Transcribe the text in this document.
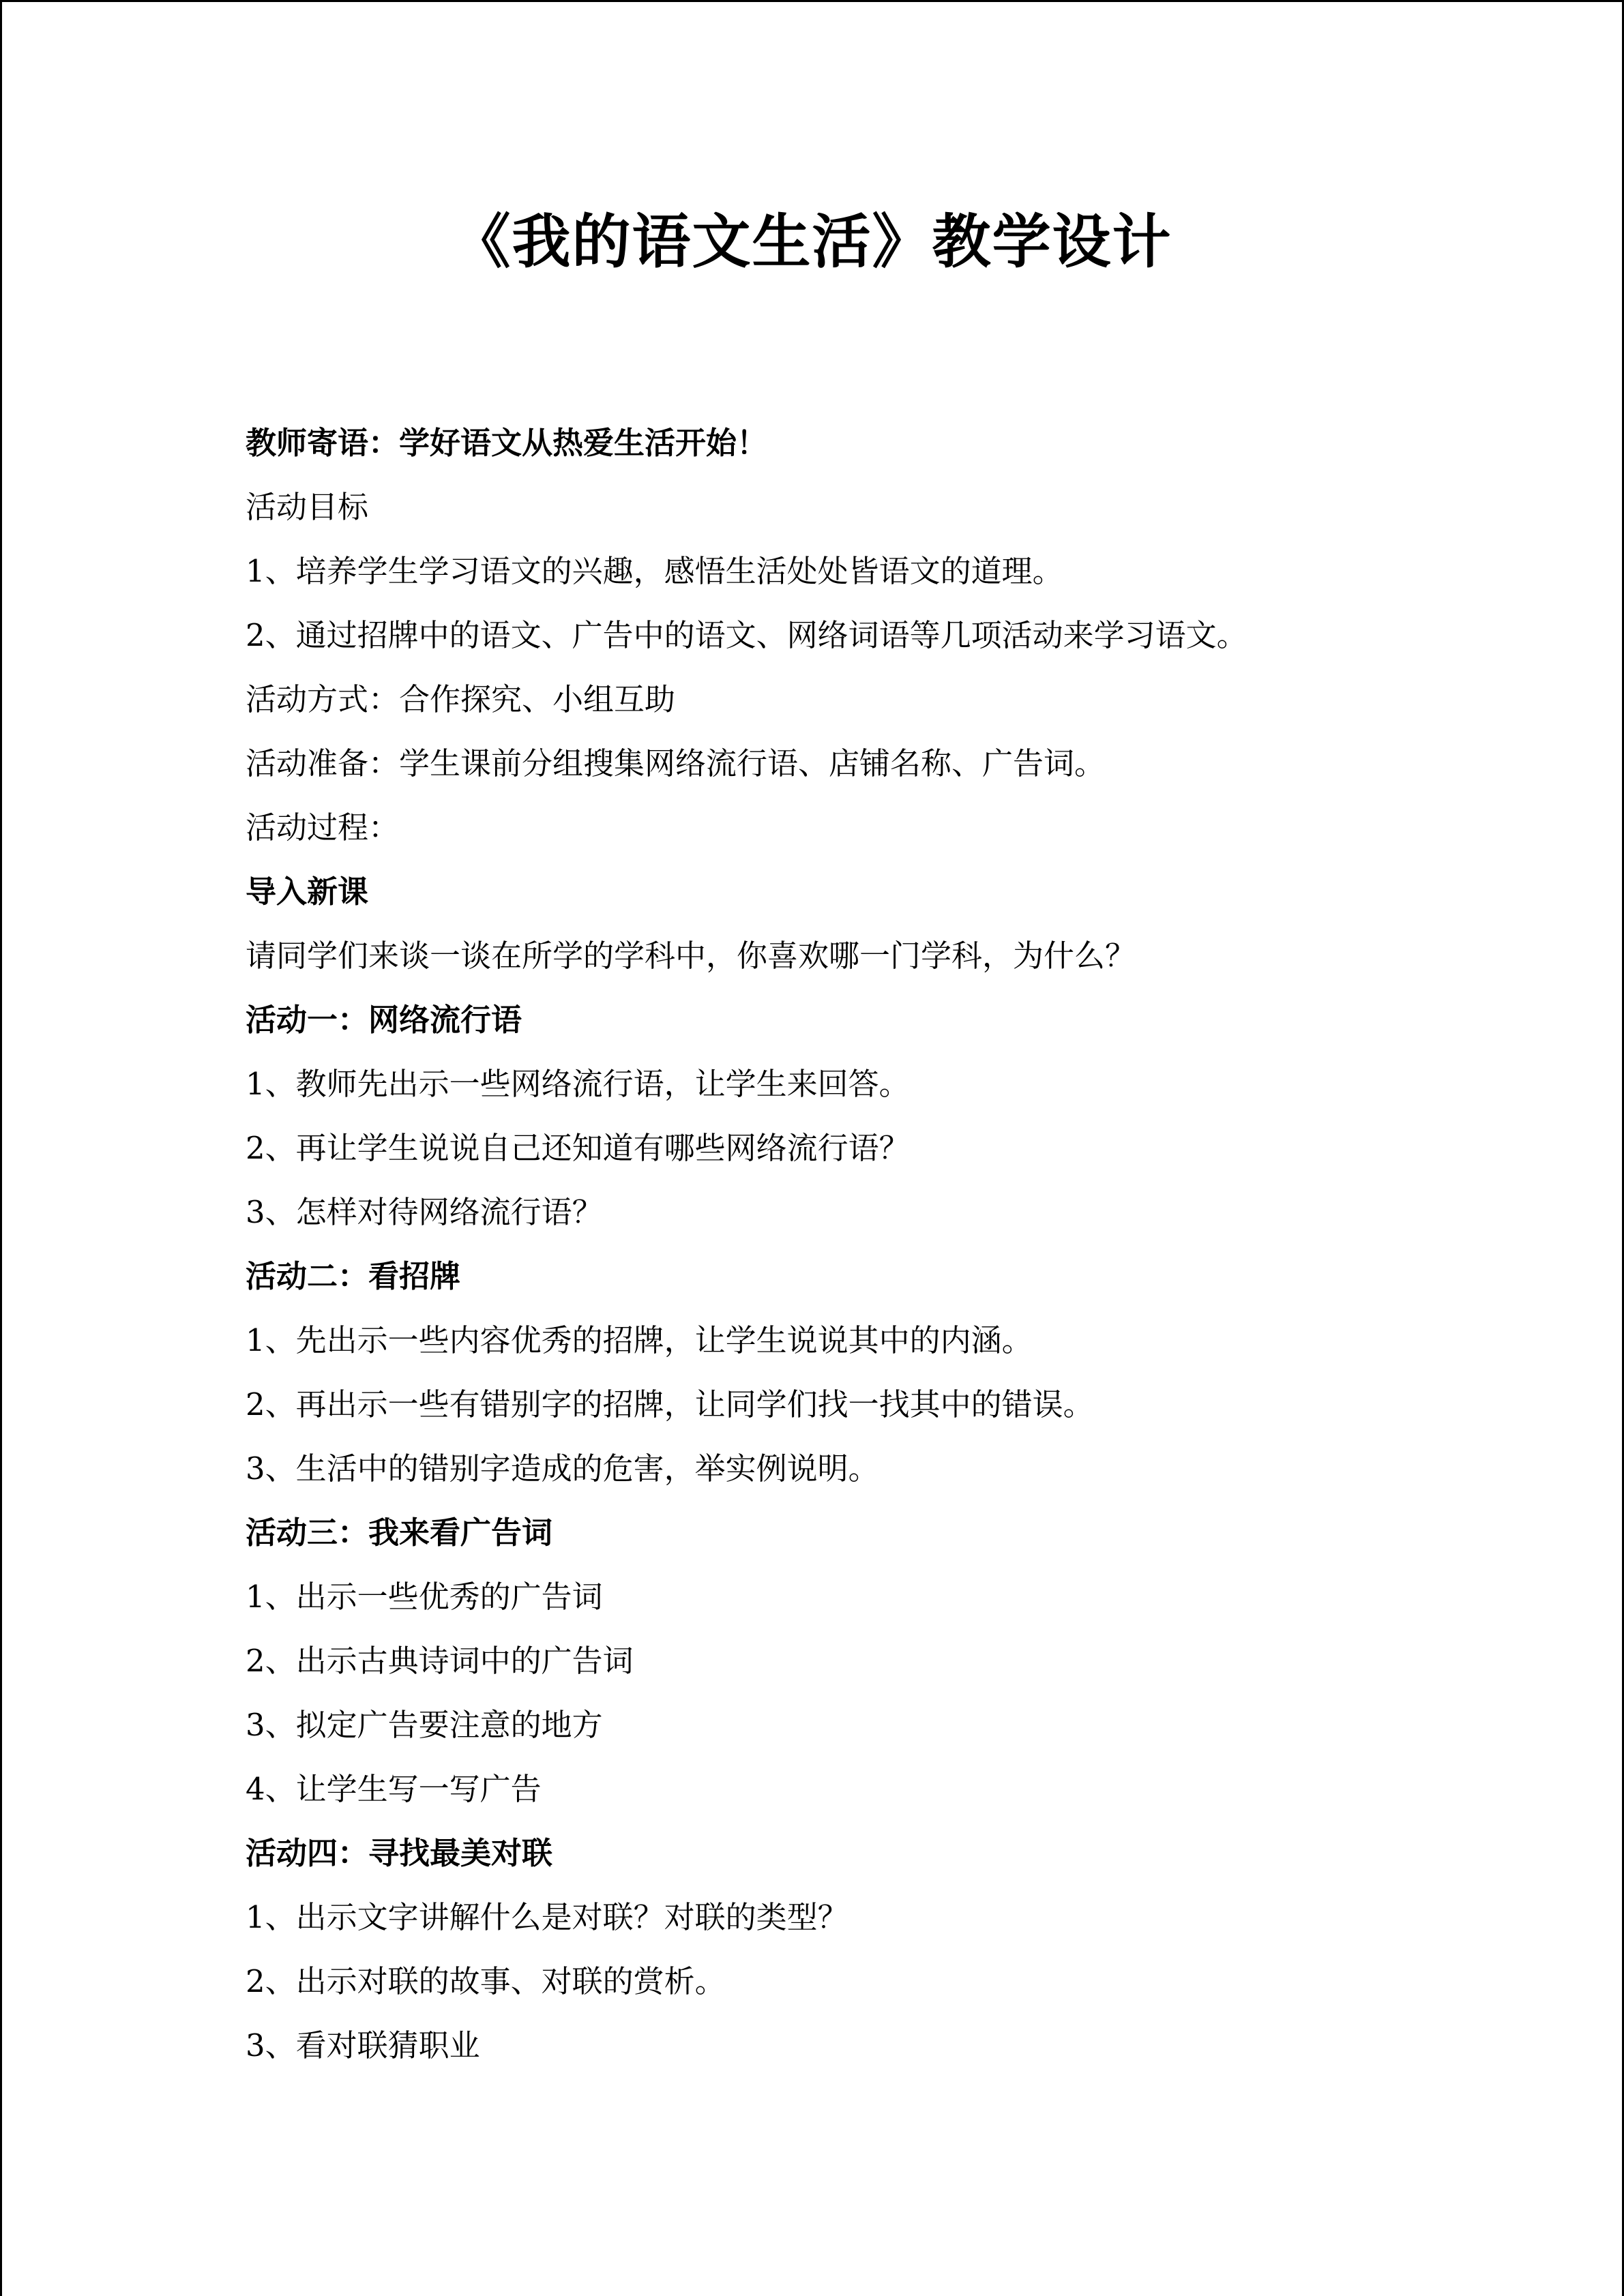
《我的语文生活》教学设计

教师寄语：学好语文从热爱生活开始！

活动目标

1、培养学生学习语文的兴趣，感悟生活处处皆语文的道理。

2、通过招牌中的语文、广告中的语文、网络词语等几项活动来学习语文。

活动方式：合作探究、小组互助

活动准备：学生课前分组搜集网络流行语、店铺名称、广告词。

活动过程：

导入新课

请同学们来谈一谈在所学的学科中，你喜欢哪一门学科，为什么？

活动一：网络流行语

1、教师先出示一些网络流行语，让学生来回答。

2、再让学生说说自己还知道有哪些网络流行语？

3、怎样对待网络流行语？

活动二：看招牌

1、先出示一些内容优秀的招牌，让学生说说其中的内涵。

2、再出示一些有错别字的招牌，让同学们找一找其中的错误。

3、生活中的错别字造成的危害，举实例说明。

活动三：我来看广告词

1、出示一些优秀的广告词

2、出示古典诗词中的广告词

3、拟定广告要注意的地方

4、让学生写一写广告

活动四：寻找最美对联

1、出示文字讲解什么是对联？对联的类型？

2、出示对联的故事、对联的赏析。

3、看对联猜职业
